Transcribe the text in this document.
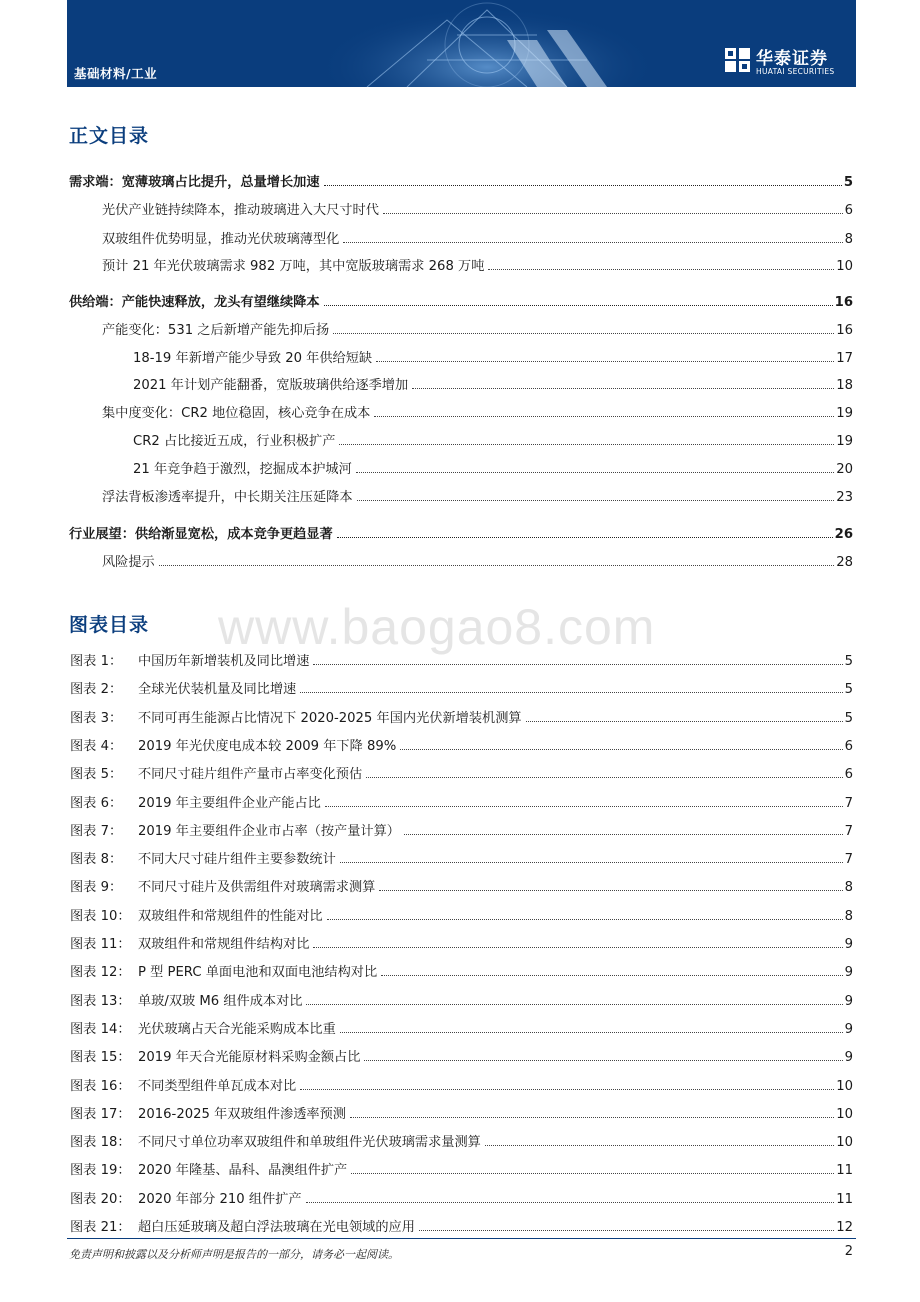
基础材料/工业
华泰证券
HUATAI SECURITIES
正文目录
需求端：宽薄玻璃占比提升，总量增长加速	5
光伏产业链持续降本，推动玻璃进入大尺寸时代	6
双玻组件优势明显，推动光伏玻璃薄型化	8
预计 21 年光伏玻璃需求 982 万吨，其中宽版玻璃需求 268 万吨	10
供给端：产能快速释放，龙头有望继续降本	16
产能变化：531 之后新增产能先抑后扬	16
18-19 年新增产能少导致 20 年供给短缺	17
2021 年计划产能翻番，宽版玻璃供给逐季增加	18
集中度变化：CR2 地位稳固，核心竞争在成本	19
CR2 占比接近五成，行业积极扩产	19
21 年竞争趋于激烈，挖掘成本护城河	20
浮法背板渗透率提升，中长期关注压延降本	23
行业展望：供给渐显宽松，成本竞争更趋显著	26
风险提示	28
图表目录 www.baogao8.com
图表 1：	中国历年新增装机及同比增速	5
图表 2：	全球光伏装机量及同比增速	5
图表 3：	不同可再生能源占比情况下 2020-2025 年国内光伏新增装机测算	5
图表 4：	2019 年光伏度电成本较 2009 年下降 89%	6
图表 5：	不同尺寸硅片组件产量市占率变化预估	6
图表 6：	2019 年主要组件企业产能占比	7
图表 7：	2019 年主要组件企业市占率（按产量计算）	7
图表 8：	不同大尺寸硅片组件主要参数统计	7
图表 9：	不同尺寸硅片及供需组件对玻璃需求测算	8
图表 10： 双玻组件和常规组件的性能对比	8
图表 11： 双玻组件和常规组件结构对比	9
图表 12： P 型 PERC 单面电池和双面电池结构对比	9
图表 13： 单玻/双玻 M6 组件成本对比	9
图表 14： 光伏玻璃占天合光能采购成本比重	9
图表 15： 2019 年天合光能原材料采购金额占比	9
图表 16： 不同类型组件单瓦成本对比	10
图表 17： 2016-2025 年双玻组件渗透率预测	10
图表 18： 不同尺寸单位功率双玻组件和单玻组件光伏玻璃需求量测算	10
图表 19： 2020 年隆基、晶科、晶澳组件扩产	11
图表 20： 2020 年部分 210 组件扩产	11
图表 21： 超白压延玻璃及超白浮法玻璃在光电领域的应用	12
免责声明和披露以及分析师声明是报告的一部分，请务必一起阅读。	2
